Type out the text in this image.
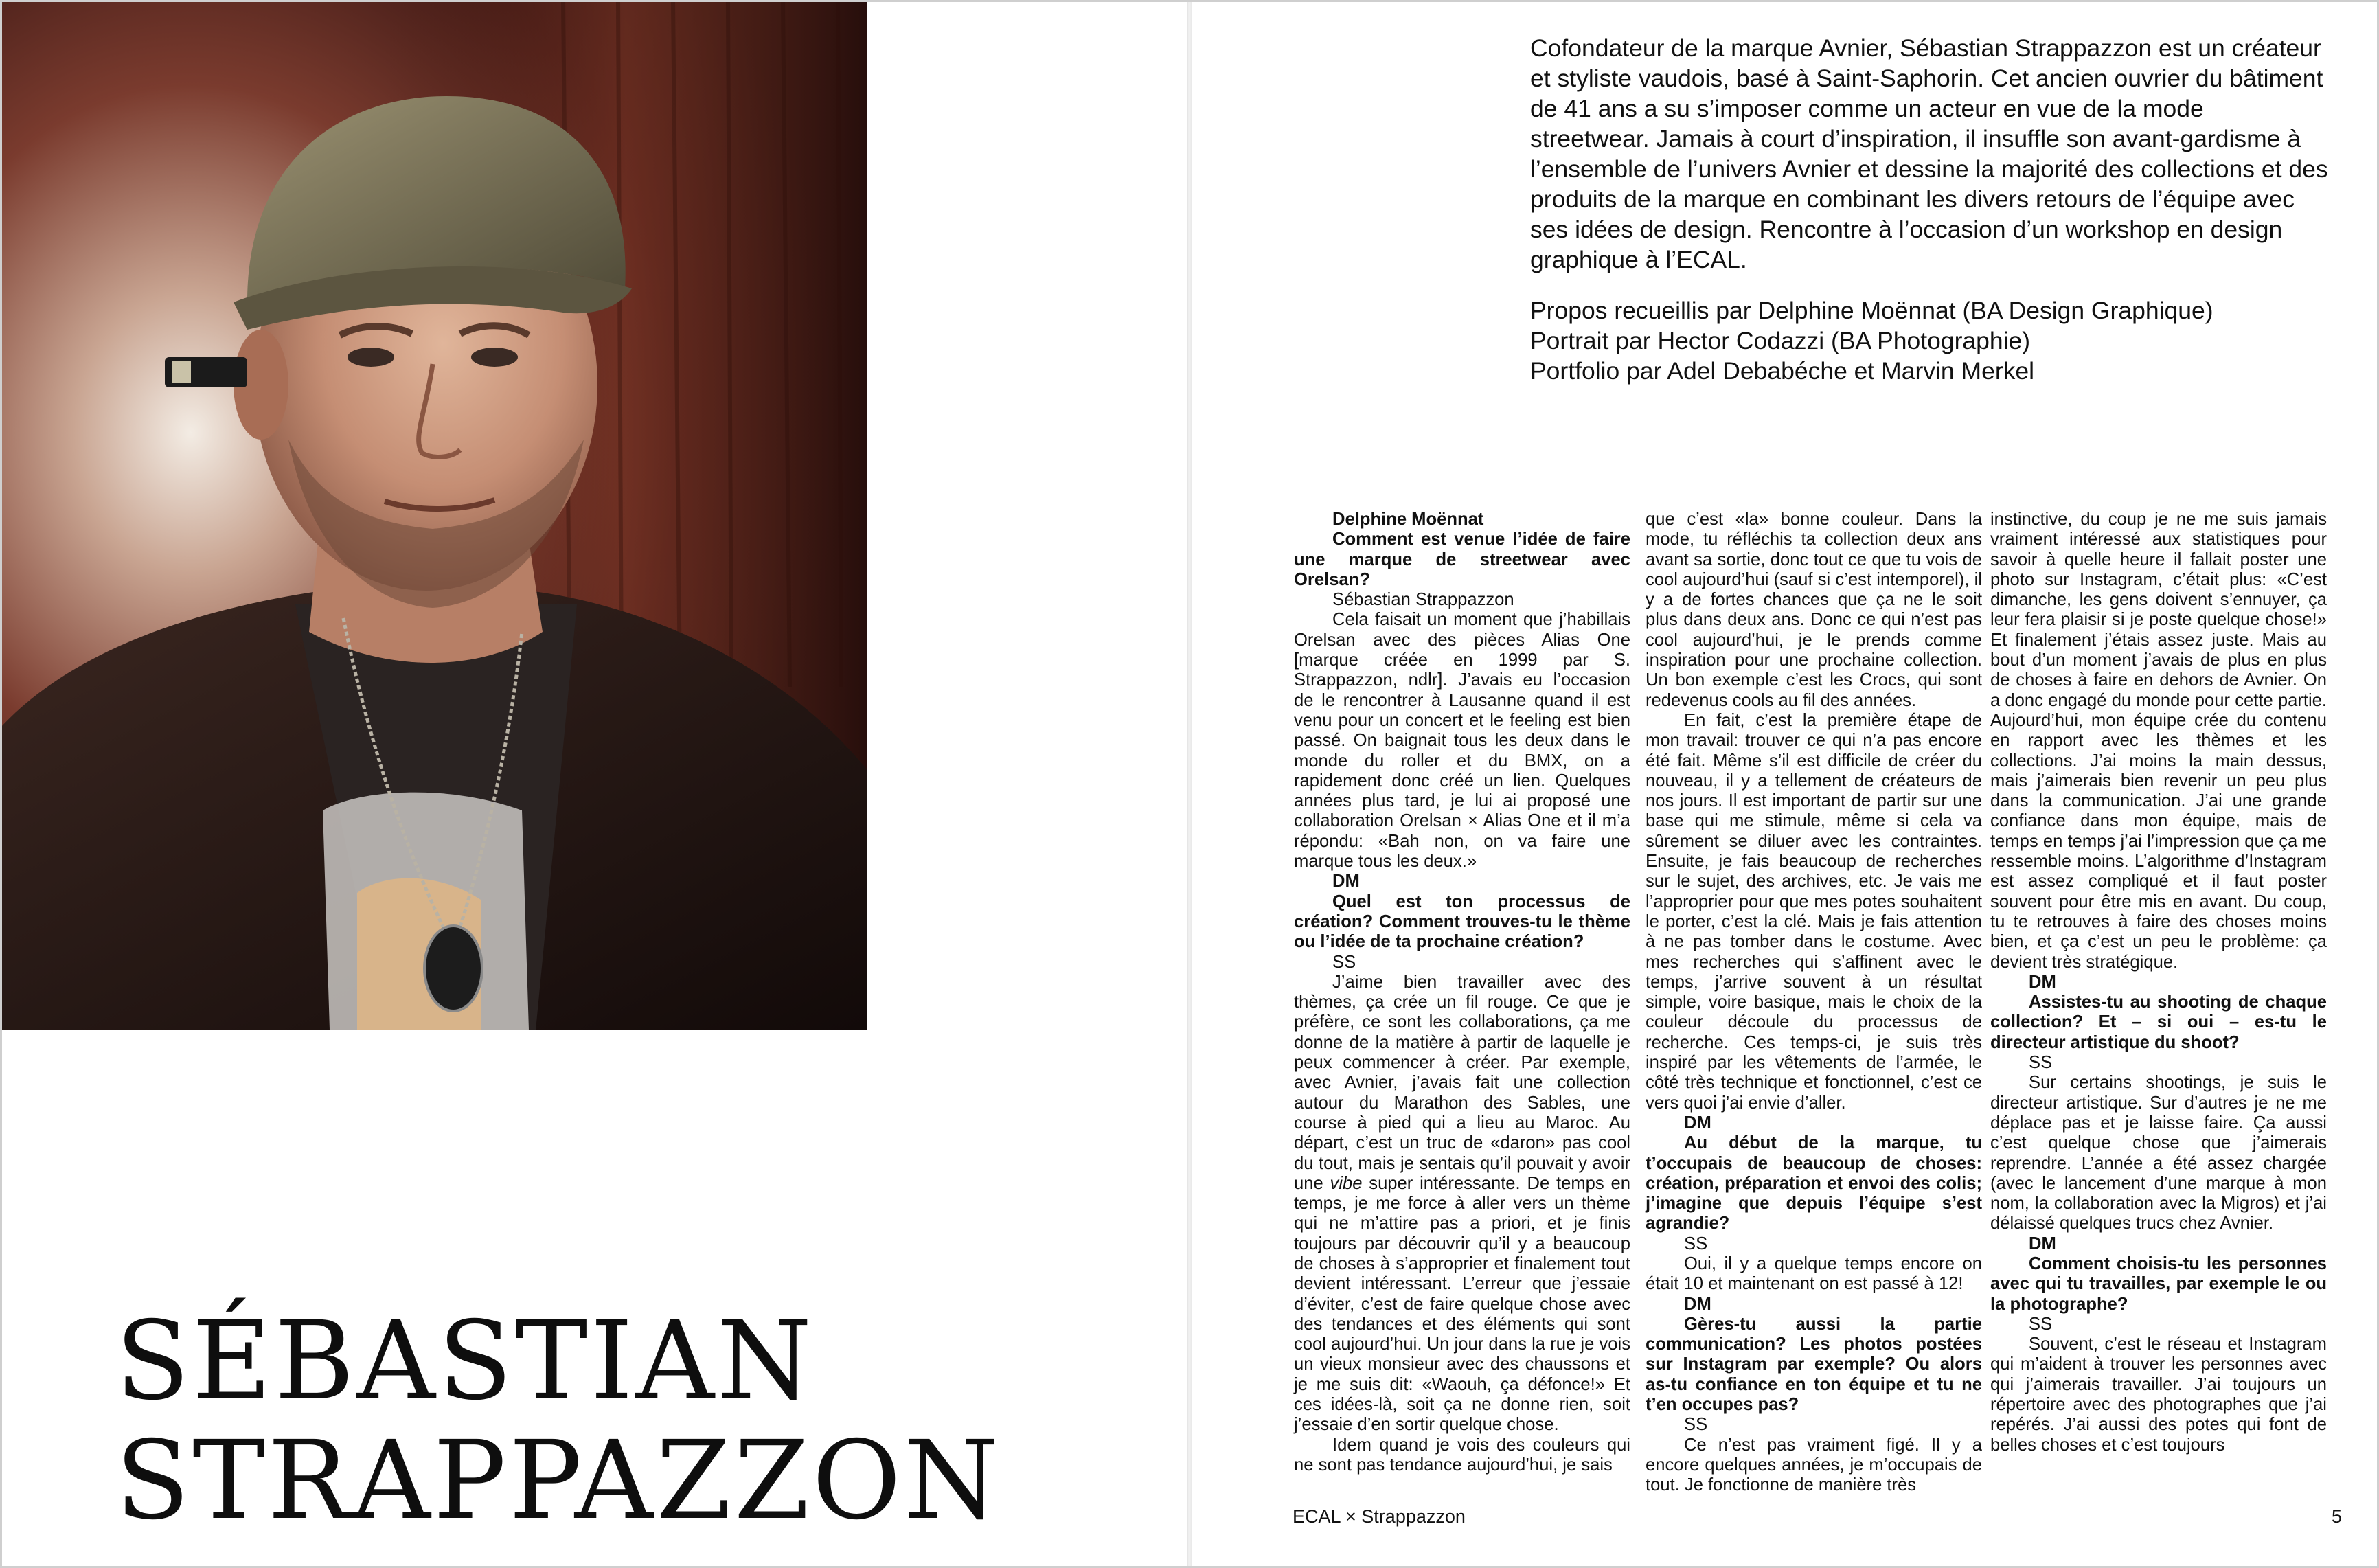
SÉBASTIAN
STRAPPAZZON

Cofondateur de la marque Avnier, Sébastian Strappazzon est un créateur et styliste vaudois, basé à Saint-Saphorin. Cet ancien ouvrier du bâtiment de 41 ans a su s’imposer comme un acteur en vue de la mode streetwear. Jamais à court d’inspiration, il insuffle son avant-gardisme à l’ensemble de l’univers Avnier et dessine la majorité des collections et des produits de la marque en combinant les divers retours de l’équipe avec ses idées de design. Rencontre à l’occasion d’un workshop en design graphique à l’ECAL.

Propos recueillis par Delphine Moënnat (BA Design Graphique)
Portrait par Hector Codazzi (BA Photographie)
Portfolio par Adel Debabéche et Marvin Merkel
Delphine Moënnat

Comment est venue l’idée de faire une marque de streetwear avec Orelsan?

Sébastian Strappazzon

Cela faisait un moment que j’habillais Orelsan avec des pièces Alias One [marque créée en 1999 par S. Strappazzon, ndlr]. J’avais eu l’occasion de le rencontrer à Lausanne quand il est venu pour un concert et le feeling est bien passé. On baignait tous les deux dans le monde du roller et du BMX, on a rapidement donc créé un lien. Quelques années plus tard, je lui ai proposé une collaboration Orelsan × Alias One et il m’a répondu: «Bah non, on va faire une marque tous les deux.»

DM

Quel est ton processus de création? Comment trouves-tu le thème ou l’idée de ta prochaine création?

SS

J’aime bien travailler avec des thèmes, ça crée un fil rouge. Ce que je préfère, ce sont les collaborations, ça me donne de la matière à partir de laquelle je peux commencer à créer. Par exemple, avec Avnier, j’avais fait une collection autour du Marathon des Sables, une course à pied qui a lieu au Maroc. Au départ, c’est un truc de «daron» pas cool du tout, mais je sentais qu’il pouvait y avoir une vibe super intéressante. De temps en temps, je me force à aller vers un thème qui ne m’attire pas a priori, et je finis toujours par découvrir qu’il y a beaucoup de choses à s’approprier et finalement tout devient intéressant. L’erreur que j’essaie d’éviter, c’est de faire quelque chose avec des tendances et des éléments qui sont cool aujourd’hui. Un jour dans la rue je vois un vieux monsieur avec des chaussons et je me suis dit: «Waouh, ça défonce!» Et ces idées-là, soit ça ne donne rien, soit j’essaie d’en sortir quelque chose.

Idem quand je vois des couleurs qui ne sont pas tendance aujourd’hui, je sais

que c’est «la» bonne couleur. Dans la mode, tu réfléchis ta collection deux ans avant sa sortie, donc tout ce que tu vois de cool aujourd’hui (sauf si c’est intemporel), il y a de fortes chances que ça ne le soit plus dans deux ans. Donc ce qui n’est pas cool aujourd’hui, je le prends comme inspiration pour une prochaine collection. Un bon exemple c’est les Crocs, qui sont redevenus cools au fil des années.

En fait, c’est la première étape de mon travail: trouver ce qui n’a pas encore été fait. Même s’il est difficile de créer du nouveau, il y a tellement de créateurs de nos jours. Il est important de partir sur une base qui me stimule, même si cela va sûrement se diluer avec les contraintes. Ensuite, je fais beaucoup de recherches sur le sujet, des archives, etc. Je vais me l’approprier pour que mes potes souhaitent le porter, c’est la clé. Mais je fais attention à ne pas tomber dans le costume. Avec mes recherches qui s’affinent avec le temps, j’arrive souvent à un résultat simple, voire basique, mais le choix de la couleur découle du processus de recherche. Ces temps-ci, je suis très inspiré par les vêtements de l’armée, le côté très technique et fonctionnel, c’est ce vers quoi j’ai envie d’aller.

DM

Au début de la marque, tu t’occupais de beaucoup de choses: création, préparation et envoi des colis; j’imagine que depuis l’équipe s’est agrandie?

SS

Oui, il y a quelque temps encore on était 10 et maintenant on est passé à 12!

DM

Gères-tu aussi la partie communication? Les photos postées sur Instagram par exemple? Ou alors as-tu confiance en ton équipe et tu ne t’en occupes pas?

SS

Ce n’est pas vraiment figé. Il y a encore quelques années, je m’occupais de tout. Je fonctionne de manière très

instinctive, du coup je ne me suis jamais vraiment intéressé aux statistiques pour savoir à quelle heure il fallait poster une photo sur Instagram, c’était plus: «C’est dimanche, les gens doivent s’ennuyer, ça leur fera plaisir si je poste quelque chose!» Et finalement j’étais assez juste. Mais au bout d’un moment j’avais de plus en plus de choses à faire en dehors de Avnier. On a donc engagé du monde pour cette partie. Aujourd’hui, mon équipe crée du contenu en rapport avec les thèmes et les collections. J’ai moins la main dessus, mais j’aimerais bien revenir un peu plus dans la communication. J’ai une grande confiance dans mon équipe, mais de temps en temps j’ai l’impression que ça me ressemble moins. L’algorithme d’Instagram est assez compliqué et il faut poster souvent pour être mis en avant. Du coup, tu te retrouves à faire des choses moins bien, et ça c’est un peu le problème: ça devient très stratégique.

DM

Assistes-tu au shooting de chaque collection? Et – si oui – es-tu le directeur artistique du shoot?

SS

Sur certains shootings, je suis le directeur artistique. Sur d’autres je ne me déplace pas et je laisse faire. Ça aussi c’est quelque chose que j’aimerais reprendre. L’année a été assez chargée (avec le lancement d’une marque à mon nom, la collaboration avec la Migros) et j’ai délaissé quelques trucs chez Avnier.

DM

Comment choisis-tu les personnes avec qui tu travailles, par exemple le ou la photographe?

SS

Souvent, c’est le réseau et Instagram qui m’aident à trouver les personnes avec qui j’aimerais travailler. J’ai toujours un répertoire avec des photographes que j’ai repérés. J’ai aussi des potes qui font de belles choses et c’est toujours

ECAL × Strappazzon	5
